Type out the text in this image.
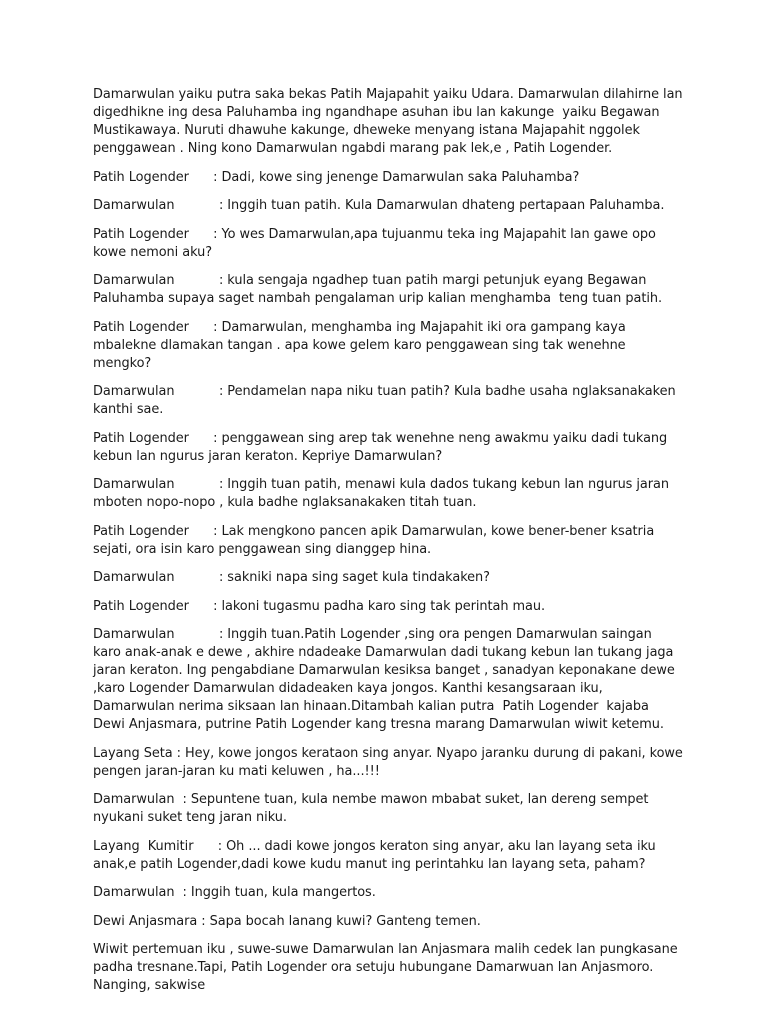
Damarwulan yaiku putra saka bekas Patih Majapahit yaiku Udara. Damarwulan dilahirne lan digedhikne ing desa Paluhamba ing ngandhape asuhan ibu lan kakunge  yaiku Begawan Mustikawaya. Nuruti dhawuhe kakunge, dheweke menyang istana Majapahit nggolek penggawean . Ning kono Damarwulan ngabdi marang pak lek,e , Patih Logender.

Patih Logender      : Dadi, kowe sing jenenge Damarwulan saka Paluhamba?

Damarwulan           : Inggih tuan patih. Kula Damarwulan dhateng pertapaan Paluhamba.

Patih Logender      : Yo wes Damarwulan,apa tujuanmu teka ing Majapahit lan gawe opo kowe nemoni aku?

Damarwulan           : kula sengaja ngadhep tuan patih margi petunjuk eyang Begawan    Paluhamba supaya saget nambah pengalaman urip kalian menghamba  teng tuan patih.

Patih Logender      : Damarwulan, menghamba ing Majapahit iki ora gampang kaya mbalekne dlamakan tangan . apa kowe gelem karo penggawean sing tak wenehne mengko?

Damarwulan           : Pendamelan napa niku tuan patih? Kula badhe usaha nglaksanakaken kanthi sae.

Patih Logender      : penggawean sing arep tak wenehne neng awakmu yaiku dadi tukang kebun lan ngurus jaran keraton. Kepriye Damarwulan?

Damarwulan           : Inggih tuan patih, menawi kula dados tukang kebun lan ngurus jaran mboten nopo-nopo , kula badhe nglaksanakaken titah tuan.

Patih Logender      : Lak mengkono pancen apik Damarwulan, kowe bener-bener ksatria sejati, ora isin karo penggawean sing dianggep hina.

Damarwulan           : sakniki napa sing saget kula tindakaken?

Patih Logender      : lakoni tugasmu padha karo sing tak perintah mau.

Damarwulan           : Inggih tuan.Patih Logender ,sing ora pengen Damarwulan saingan karo anak-anak e dewe , akhire ndadeake Damarwulan dadi tukang kebun lan tukang jaga jaran keraton. Ing pengabdiane Damarwulan kesiksa banget , sanadyan keponakane dewe ,karo Logender Damarwulan didadeaken kaya jongos. Kanthi kesangsaraan iku, Damarwulan nerima siksaan lan hinaan.Ditambah kalian putra  Patih Logender  kajaba Dewi Anjasmara, putrine Patih Logender kang tresna marang Damarwulan wiwit ketemu.

Layang Seta : Hey, kowe jongos kerataon sing anyar. Nyapo jaranku durung di pakani, kowe pengen jaran-jaran ku mati keluwen , ha...!!!

Damarwulan  : Sepuntene tuan, kula nembe mawon mbabat suket, lan dereng sempet nyukani suket teng jaran niku.

Layang  Kumitir      : Oh ... dadi kowe jongos keraton sing anyar, aku lan layang seta iku anak,e patih Logender,dadi kowe kudu manut ing perintahku lan layang seta, paham?

Damarwulan  : Inggih tuan, kula mangertos.

Dewi Anjasmara : Sapa bocah lanang kuwi? Ganteng temen.

Wiwit pertemuan iku , suwe-suwe Damarwulan lan Anjasmara malih cedek lan pungkasane padha tresnane.Tapi, Patih Logender ora setuju hubungane Damarwuan lan Anjasmoro. Nanging, sakwise
